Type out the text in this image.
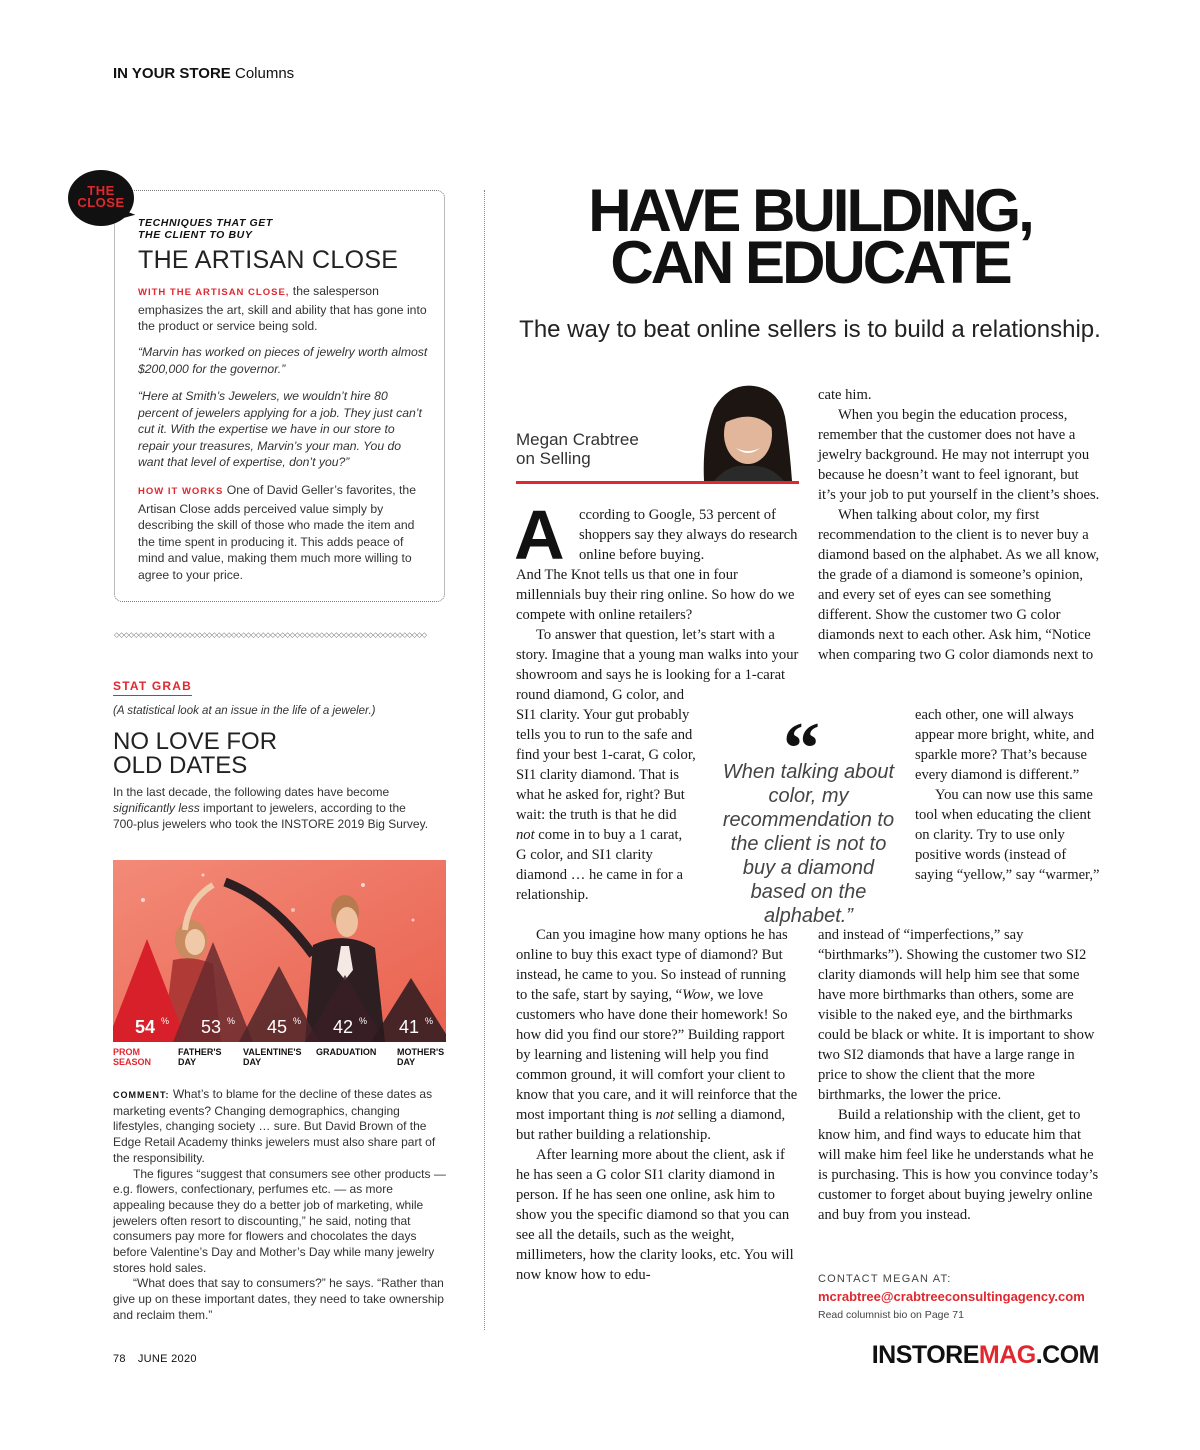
IN YOUR STORE Columns
THE
CLOSE
TECHNIQUES THAT GET
THE CLIENT TO BUY
THE ARTISAN CLOSE
WITH THE ARTISAN CLOSE, the salesperson emphasizes the art, skill and ability that has gone into the product or service being sold.
“Marvin has worked on pieces of jewelry worth almost $200,000 for the governor.”
“Here at Smith’s Jewelers, we wouldn’t hire 80 percent of jewelers applying for a job. They just can’t cut it. With the expertise we have in our store to repair your treasures, Marvin’s your man. You do want that level of expertise, don’t you?”
HOW IT WORKS One of David Geller’s favorites, the Artisan Close adds perceived value simply by describing the skill of those who made the item and the time spent in producing it. This adds peace of mind and value, making them much more willing to agree to your price.
◇◇◇◇◇◇◇◇◇◇◇◇◇◇◇◇◇◇◇◇◇◇◇◇◇◇◇◇◇◇◇◇◇◇◇◇◇◇◇◇◇◇◇◇◇◇◇◇◇◇◇◇◇◇◇◇◇◇◇◇◇◇◇◇
STAT GRAB
(A statistical look at an issue in the life of a jeweler.)
NO LOVE FOR
OLD DATES
In the last decade, the following dates have become significantly less important to jewelers, according to the 700-plus jewelers who took the INSTORE 2019 Big Survey.
54 % 53 % 45 % 42 % 41 %
PROM
SEASON
FATHER'S
DAY
VALENTINE'S
DAY
GRADUATION MOTHER'S
DAY

COMMENT: What’s to blame for the decline of these dates as marketing events? Changing demographics, changing lifestyles, changing society … sure. But David Brown of the Edge Retail Academy thinks jewelers must also share part of the responsibility.

The figures “suggest that consumers see other products — e.g. flowers, confectionary, perfumes etc. — as more appealing because they do a better job of marketing, while jewelers often resort to discounting,” he said, noting that consumers pay more for flowers and chocolates the days before Valentine’s Day and Mother’s Day while many jewelry stores hold sales.

“What does that say to consumers?” he says. “Rather than give up on these important dates, they need to take ownership and reclaim them.”

HAVE BUILDING,
CAN EDUCATE
The way to beat online sellers is to build a relationship.
Megan Crabtree
on Selling
A ccording to Google, 53 percent of shoppers say they always do research online before buying.

And The Knot tells us that one in four millennials buy their ring online. So how do we compete with online retailers?

To answer that question, let’s start with a story. Imagine that a young man walks into your showroom and says he is looking for a 1-carat round diamond, G color, and

SI1 clarity. Your gut probably tells you to run to the safe and find your best 1-carat, G color, SI1 clarity diamond. That is what he asked for, right? But wait: the truth is that he did not come in to buy a 1 carat, G color, and SI1 clarity diamond … he came in for a relationship.

Can you imagine how many options he has online to buy this exact type of diamond? But instead, he came to you. So instead of running to the safe, start by saying, “Wow, we love customers who have done their homework! So how did you find our store?” Building rapport by learning and listening will help you find common ground, it will comfort your client to know that you care, and it will reinforce that the most important thing is not selling a diamond, but rather building a relationship.

After learning more about the client, ask if he has seen a G color SI1 clarity diamond in person. If he has seen one online, ask him to show you the specific diamond so that you can see all the details, such as the weight, millimeters, how the clarity looks, etc. You will now know how to edu-

“
When talking about color, my recommendation to the client is not to buy a diamond based on the alphabet.”

cate him.

When you begin the education process, remember that the customer does not have a jewelry background. He may not interrupt you because he doesn’t want to feel ignorant, but it’s your job to put yourself in the client’s shoes.

When talking about color, my first recommendation to the client is to never buy a diamond based on the alphabet. As we all know, the grade of a diamond is someone’s opinion, and every set of eyes can see something different. Show the customer two G color diamonds next to each other. Ask him, “Notice when comparing two G color diamonds next to

each other, one will always appear more bright, white, and sparkle more? That’s because every diamond is different.”

You can now use this same tool when educating the client on clarity. Try to use only positive words (instead of saying “yellow,” say “warmer,”

and instead of “imperfections,” say “birthmarks”). Showing the customer two SI2 clarity diamonds will help him see that some have more birthmarks than others, some are visible to the naked eye, and the birthmarks could be black or white. It is important to show two SI2 diamonds that have a large range in price to show the client that the more birthmarks, the lower the price.

Build a relationship with the client, get to know him, and find ways to educate him that will make him feel like he understands what he is purchasing. This is how you convince today’s customer to forget about buying jewelry online and buy from you instead.

CONTACT MEGAN AT:
mcrabtree@crabtreeconsultingagency.com
Read columnist bio on Page 71
78 JUNE 2020	INSTOREMAG.COM
